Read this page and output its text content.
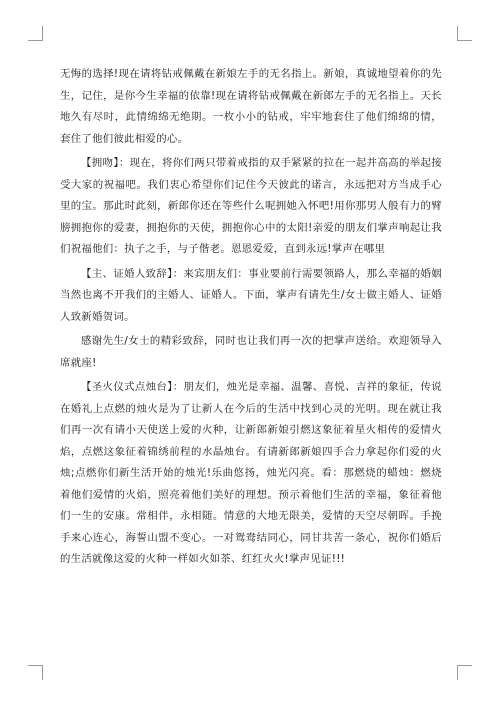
无悔的选择!现在请将钻戒佩戴在新娘左手的无名指上。新娘，真诚地望着你的先生，记住，是你今生幸福的依靠!现在请将钻戒佩戴在新郎左手的无名指上。天长地久有尽时，此情绵绵无绝期。一枚小小的钻戒，牢牢地套住了他们绵绵的情，套住了他们彼此相爱的心。

【拥吻】：现在，将你们两只带着戒指的双手紧紧的拉在一起并高高的举起接受大家的祝福吧。我们衷心希望你们记住今天彼此的诺言，永远把对方当成手心里的宝。那此时此刻，新郎你还在等些什么呢拥她入怀吧!用你那男人般有力的臂膀拥抱你的爱妻，拥抱你的天使，拥抱你心中的太阳!亲爱的朋友们掌声响起让我们祝福他们：执子之手，与子偕老。恩恩爱爱，直到永远!掌声在哪里

【主、证婚人致辞】：来宾朋友们：事业要前行需要领路人，那么幸福的婚姻当然也离不开我们的主婚人、证婚人。下面，掌声有请先生/女士做主婚人、证婚人致新婚贺词。

感谢先生/女士的精彩致辞，同时也让我们再一次的把掌声送给。欢迎领导入席就座!

【圣火仪式点烛台】：朋友们，烛光是幸福、温馨、喜悦、吉祥的象征，传说在婚礼上点燃的烛火是为了让新人在今后的生活中找到心灵的光明。现在就让我们再一次有请小天使送上爱的火种，让新郎新娘引燃这象征着星火相传的爱情火焰，点燃这象征着锦绣前程的水晶烛台。有请新郎新娘四手合力拿起你们爱的火烛;点燃你们新生活开始的烛光!乐曲悠扬，烛光闪亮。看：那燃烧的蜡烛：燃烧着他们爱情的火焰，照亮着他们美好的理想。预示着他们生活的幸福，象征着他们一生的安康。常相伴，永相随。情意的大地无限美，爱情的天空尽朝晖。手挽手来心连心，海誓山盟不变心。一对鸳鸯结同心，同甘共苦一条心，祝你们婚后的生活就像这爱的火种一样如火如茶、红红火火!掌声见证!!!
